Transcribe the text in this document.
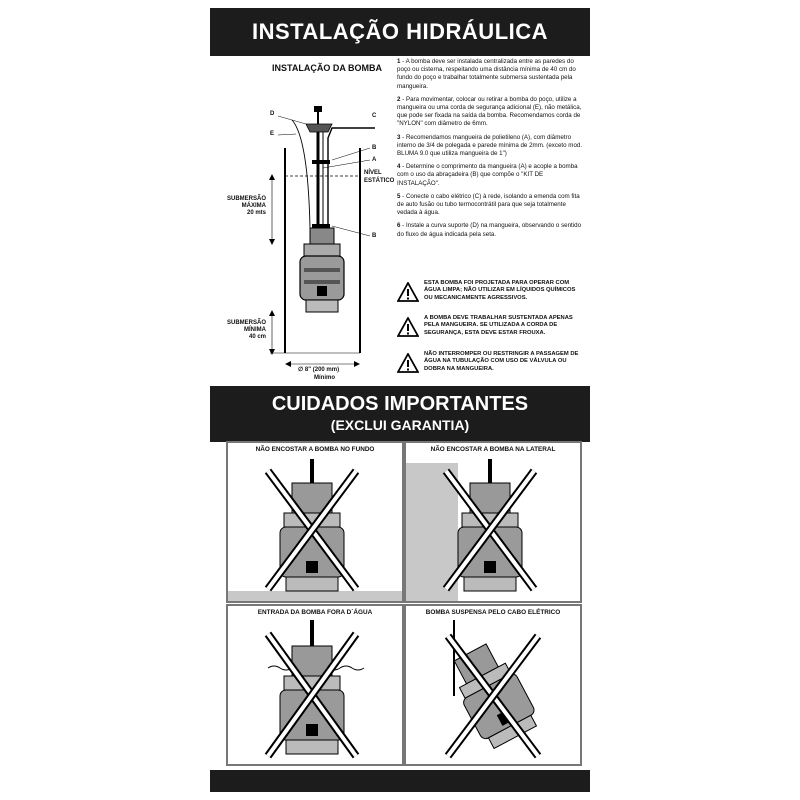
INSTALAÇÃO HIDRÁULICA
INSTALAÇÃO DA BOMBA
D	C
E
B
A
NÍVEL
ESTÁTICO
B
SUBMERSÃO
MÁXIMA
20 mts
SUBMERSÃO
MÍNIMA
40 cm
∅ 8" (200 mm)
Mínimo
1 - A bomba deve ser instalada centralizada entre as paredes do poço ou cisterna, respeitando uma distância mínima de 40 cm do fundo do poço e trabalhar totalmente submersa sustentada pela mangueira.
2 - Para movimentar, colocar ou retirar a bomba do poço, utilize a mangueira ou uma corda de segurança adicional (E), não metálica, que pode ser fixada na saída da bomba. Recomendamos corda de "NYLON" com diâmetro de 6mm.
3 - Recomendamos mangueira de polietileno (A), com diâmetro interno de 3/4 de polegada e parede mínima de 2mm. (exceto mod. BLUMA 9.0 que utiliza mangueira de 1")
4 - Determine o comprimento da mangueira (A) e acople a bomba com o uso da abraçadeira (B) que compõe o "KIT DE INSTALAÇÃO".
5 - Conecte o cabo elétrico (C) à rede, isolando a emenda com fita de auto fusão ou tubo termocontrátil para que seja totalmente vedada à água.
6 - Instale a curva suporte (D) na mangueira, observando o sentido do fluxo de água indicada pela seta.
ESTA BOMBA FOI PROJETADA PARA OPERAR COM ÁGUA LIMPA; NÃO UTILIZAR EM LÍQUIDOS QUÍMICOS OU MECANICAMENTE AGRESSIVOS.
A BOMBA DEVE TRABALHAR SUSTENTADA APENAS PELA MANGUEIRA. SE UTILIZADA A CORDA DE SEGURANÇA, ESTA DEVE ESTAR FROUXA.
NÃO INTERROMPER OU RESTRINGIR A PASSAGEM DE ÁGUA NA TUBULAÇÃO COM USO DE VÁLVULA OU DOBRA NA MANGUEIRA.
CUIDADOS IMPORTANTES
(EXCLUI GARANTIA)
NÃO ENCOSTAR A BOMBA NO FUNDO	NÃO ENCOSTAR A BOMBA NA LATERAL
ENTRADA DA BOMBA FORA D´ÁGUA	BOMBA SUSPENSA PELO CABO ELÉTRICO
